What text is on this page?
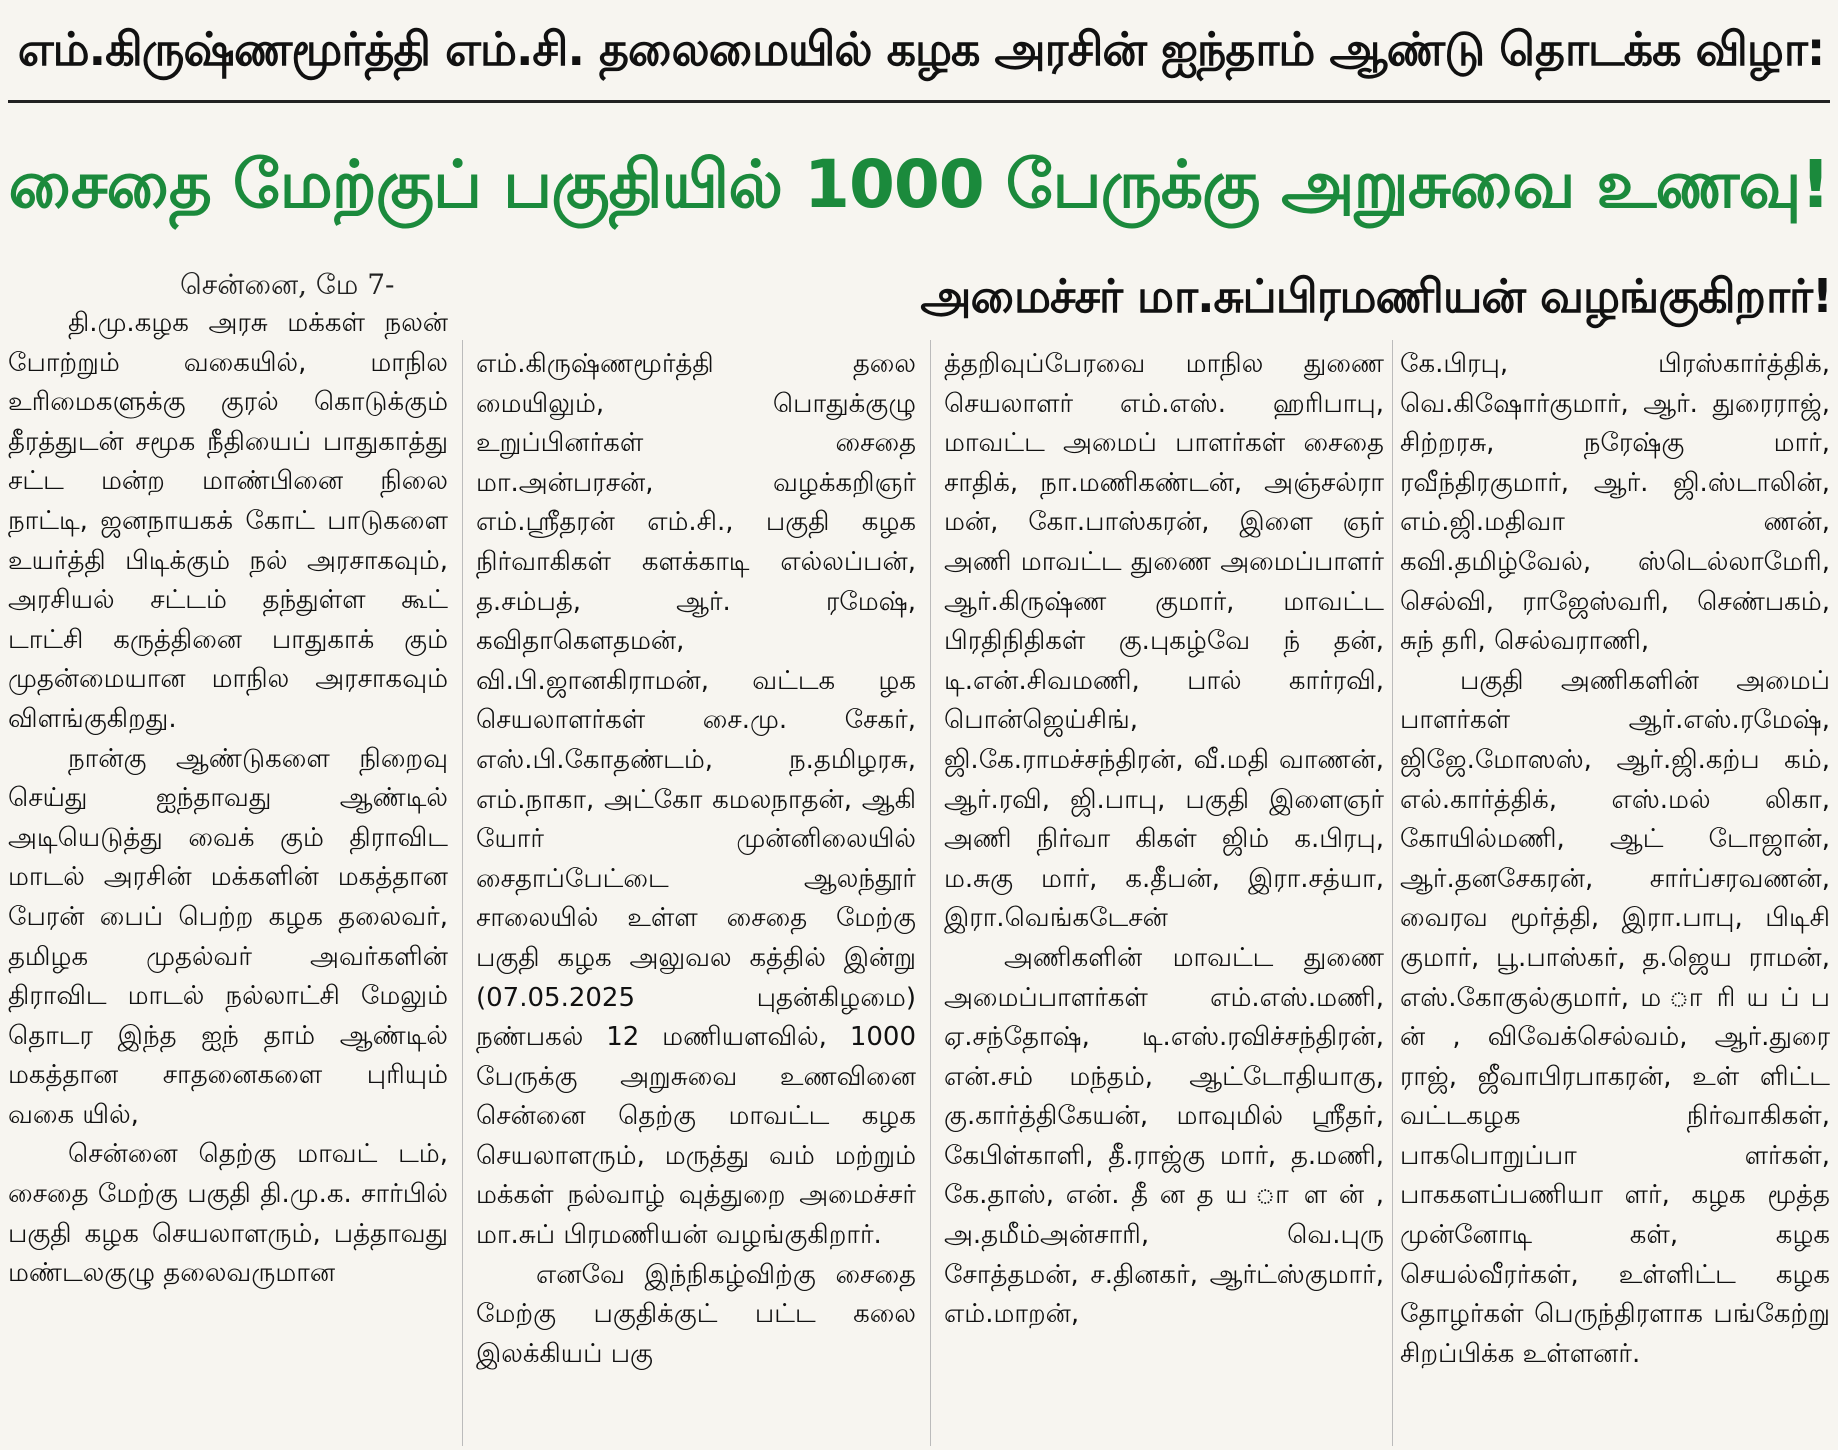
எம்.கிருஷ்ணமூர்த்தி எம்.சி. தலைமையில் கழக அரசின் ஐந்தாம் ஆண்டு தொடக்க விழா:
சைதை மேற்குப் பகுதியில் 1000 பேருக்கு அறுசுவை உணவு!
சென்னை, மே 7-	அமைச்சர் மா.சுப்பிரமணியன் வழங்குகிறார்!

தி.மு.கழக அரசு மக்கள் நலன் போற்றும் வகையில், மாநில உரிமைகளுக்கு குரல் கொடுக்கும் தீரத்துடன் சமூக நீதியைப் பாதுகாத்து சட்ட மன்ற மாண்பினை நிலை நாட்டி, ஜனநாயகக் கோட் பாடுகளை உயர்த்தி பிடிக்கும் நல் அரசாகவும், அரசியல் சட்டம் தந்துள்ள கூட் டாட்சி கருத்தினை பாதுகாக் கும் முதன்மையான மாநில அரசாகவும் விளங்குகிறது.

நான்கு ஆண்டுகளை நிறைவு செய்து ஐந்தாவது ஆண்டில் அடியெடுத்து வைக் கும் திராவிட மாடல் அரசின் மக்களின் மகத்தான பேரன் பைப் பெற்ற கழக தலைவர், தமிழக முதல்வர் அவர்களின் திராவிட மாடல் நல்லாட்சி மேலும் தொடர இந்த ஐந் தாம் ஆண்டில் மகத்தான சாதனைகளை புரியும் வகை யில்,

சென்னை தெற்கு மாவட் டம், சைதை மேற்கு பகுதி தி.மு.க. சார்பில் பகுதி கழக செயலாளரும், பத்தாவது மண்டலகுழு தலைவருமான

எம்.கிருஷ்ணமூர்த்தி தலை மையிலும், பொதுக்குழு உறுப்பினர்கள் சைதை மா.அன்பரசன், வழக்கறிஞர் எம்.ஸ்ரீதரன் எம்.சி., பகுதி கழக நிர்வாகிகள் களக்காடி எல்லப்பன், த.சம்பத், ஆர். ரமேஷ், கவிதாகௌதமன், வி.பி.ஜானகிராமன், வட்டக ழக செயலாளர்கள் சை.மு. சேகர், எஸ்.பி.கோதண்டம், ந.தமிழரசு, எம்.நாகா, அட்கோ கமலநாதன், ஆகி யோர் முன்னிலையில் சைதாப்பேட்டை ஆலந்தூர் சாலையில் உள்ள சைதை மேற்கு பகுதி கழக அலுவல கத்தில் இன்று (07.05.2025 புதன்கிழமை) நண்பகல் 12 மணியளவில், 1000 பேருக்கு அறுசுவை உணவினை சென்னை தெற்கு மாவட்ட கழக செயலாளரும், மருத்து வம் மற்றும் மக்கள் நல்வாழ் வுத்துறை அமைச்சர் மா.சுப் பிரமணியன் வழங்குகிறார்.

எனவே இந்நிகழ்விற்கு சைதை மேற்கு பகுதிக்குட் பட்ட கலை இலக்கியப் பகு

த்தறிவுப்பேரவை மாநில துணை செயலாளர் எம்.எஸ். ஹரிபாபு, மாவட்ட அமைப் பாளர்கள் சைதை சாதிக், நா.மணிகண்டன், அஞ்சல்ரா மன், கோ.பாஸ்கரன், இளை ஞர் அணி மாவட்ட துணை அமைப்பாளர் ஆர்.கிருஷ்ண குமார், மாவட்ட பிரதிநிதிகள் கு.புகழ்வே ந் தன், டி.என்.சிவமணி, பால் கார்ரவி, பொன்ஜெய்சிங், ஜி.கே.ராமச்சந்திரன், வீ.மதி வாணன், ஆர்.ரவி, ஜி.பாபு, பகுதி இளைஞர் அணி நிர்வா கிகள் ஜிம் க.பிரபு, ம.சுகு மார், க.தீபன், இரா.சத்யா, இரா.வெங்கடேசன்

அணிகளின் மாவட்ட துணை அமைப்பாளர்கள் எம்.எஸ்.மணி, ஏ.சந்தோஷ், டி.எஸ்.ரவிச்சந்திரன், என்.சம் மந்தம், ஆட்டோதியாகு, கு.கார்த்திகேயன், மாவுமில் ஸ்ரீதர், கேபிள்காளி, தீ.ராஜ்கு மார், த.மணி, கே.தாஸ், என். தீ ன த ய ா ள ன் , அ.தமீம்அன்சாரி, வெ.புரு சோத்தமன், ச.தினகர், ஆர்ட்ஸ்குமார், எம்.மாறன்,

கே.பிரபு, பிரஸ்கார்த்திக், வெ.கிஷோர்குமார், ஆர். துரைராஜ், சிற்றரசு, நரேஷ்கு மார், ரவீந்திரகுமார், ஆர். ஜி.ஸ்டாலின், எம்.ஜி.மதிவா ணன், கவி.தமிழ்வேல், ஸ்டெல்லாமேரி, செல்வி, ராஜேஸ்வரி, செண்பகம், சுந் தரி, செல்வராணி,

பகுதி அணிகளின் அமைப் பாளர்கள் ஆர்.எஸ்.ரமேஷ், ஜிஜே.மோஸஸ், ஆர்.ஜி.கற்ப கம், எல்.கார்த்திக், எஸ்.மல் லிகா, கோயில்மணி, ஆட் டோஜான், ஆர்.தனசேகரன், சார்ப்சரவணன், வைரவ மூர்த்தி, இரா.பாபு, பிடிசி குமார், பூ.பாஸ்கர், த.ஜெய ராமன், எஸ்.கோகுல்குமார், ம ா ரி ய ப் ப ன் , விவேக்செல்வம், ஆர்.துரை ராஜ், ஜீவாபிரபாகரன், உள் ளிட்ட வட்டகழக நிர்வாகிகள், பாகபொறுப்பா ளர்கள், பாககளப்பணியா ளர், கழக மூத்த முன்னோடி கள், கழக செயல்வீரர்கள், உள்ளிட்ட கழக தோழர்கள் பெருந்திரளாக பங்கேற்று சிறப்பிக்க உள்ளனர்.
